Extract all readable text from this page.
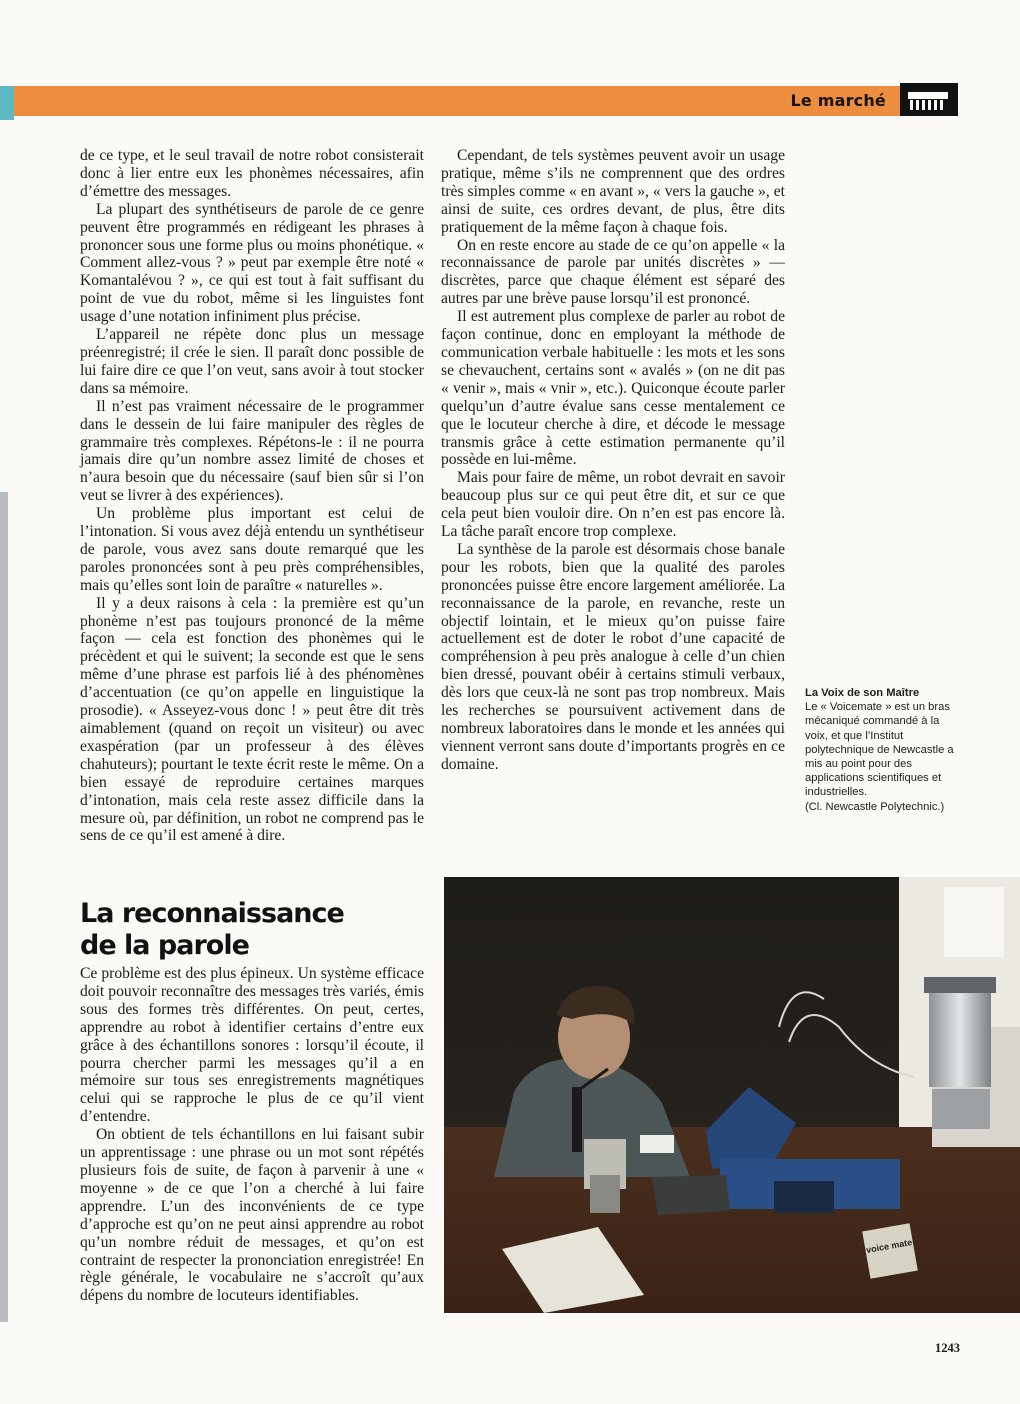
Le marché

de ce type, et le seul travail de notre robot consisterait donc à lier entre eux les phonèmes nécessaires, afin d’émettre des messages.

La plupart des synthétiseurs de parole de ce genre peuvent être programmés en rédigeant les phrases à prononcer sous une forme plus ou moins phonétique. « Comment allez-vous ? » peut par exemple être noté « Komantalévou ? », ce qui est tout à fait suffisant du point de vue du robot, même si les linguistes font usage d’une notation infiniment plus précise.

L’appareil ne répète donc plus un message préenregistré; il crée le sien. Il paraît donc possible de lui faire dire ce que l’on veut, sans avoir à tout stocker dans sa mémoire.

Il n’est pas vraiment nécessaire de le programmer dans le dessein de lui faire manipuler des règles de grammaire très complexes. Répétons-le : il ne pourra jamais dire qu’un nombre assez limité de choses et n’aura besoin que du nécessaire (sauf bien sûr si l’on veut se livrer à des expériences).

Un problème plus important est celui de l’intonation. Si vous avez déjà entendu un synthétiseur de parole, vous avez sans doute remarqué que les paroles prononcées sont à peu près compréhensibles, mais qu’elles sont loin de paraître « naturelles ».

Il y a deux raisons à cela : la première est qu’un phonème n’est pas toujours prononcé de la même façon — cela est fonction des phonèmes qui le précèdent et qui le suivent; la seconde est que le sens même d’une phrase est parfois lié à des phénomènes d’accentuation (ce qu’on appelle en linguistique la prosodie). « Asseyez-vous donc ! » peut être dit très aimablement (quand on reçoit un visiteur) ou avec exaspération (par un professeur à des élèves chahuteurs); pourtant le texte écrit reste le même. On a bien essayé de reproduire certaines marques d’intonation, mais cela reste assez difficile dans la mesure où, par définition, un robot ne comprend pas le sens de ce qu’il est amené à dire.

Cependant, de tels systèmes peuvent avoir un usage pratique, même s’ils ne comprennent que des ordres très simples comme « en avant », « vers la gauche », et ainsi de suite, ces ordres devant, de plus, être dits pratiquement de la même façon à chaque fois.

On en reste encore au stade de ce qu’on appelle « la reconnaissance de parole par unités discrètes » — discrètes, parce que chaque élément est séparé des autres par une brève pause lorsqu’il est prononcé.

Il est autrement plus complexe de parler au robot de façon continue, donc en employant la méthode de communication verbale habituelle : les mots et les sons se chevauchent, certains sont « avalés » (on ne dit pas « venir », mais « vnir », etc.). Quiconque écoute parler quelqu’un d’autre évalue sans cesse mentalement ce que le locuteur cherche à dire, et décode le message transmis grâce à cette estimation permanente qu’il possède en lui-même.

Mais pour faire de même, un robot devrait en savoir beaucoup plus sur ce qui peut être dit, et sur ce que cela peut bien vouloir dire. On n’en est pas encore là. La tâche paraît encore trop complexe.

La synthèse de la parole est désormais chose banale pour les robots, bien que la qualité des paroles prononcées puisse être encore largement améliorée. La reconnaissance de la parole, en revanche, reste un objectif lointain, et le mieux qu’on puisse faire actuellement est de doter le robot d’une capacité de compréhension à peu près analogue à celle d’un chien bien dressé, pouvant obéir à certains stimuli verbaux, dès lors que ceux-là ne sont pas trop nombreux. Mais les recherches se poursuivent activement dans de nombreux laboratoires dans le monde et les années qui viennent verront sans doute d’importants progrès en ce domaine.

La reconnaissance
de la parole

Ce problème est des plus épineux. Un système efficace doit pouvoir reconnaître des messages très variés, émis sous des formes très différentes. On peut, certes, apprendre au robot à identifier certains d’entre eux grâce à des échantillons sonores : lorsqu’il écoute, il pourra chercher parmi les messages qu’il a en mémoire sur tous ses enregistrements magnétiques celui qui se rapproche le plus de ce qu’il vient d’entendre.

On obtient de tels échantillons en lui faisant subir un apprentissage : une phrase ou un mot sont répétés plusieurs fois de suite, de façon à parvenir à une « moyenne » de ce que l’on a cherché à lui faire apprendre. L’un des inconvénients de ce type d’approche est qu’on ne peut ainsi apprendre au robot qu’un nombre réduit de messages, et qu’on est contraint de respecter la prononciation enregistrée! En règle générale, le vocabulaire ne s’accroît qu’aux dépens du nombre de locuteurs identifiables.

La Voix de son Maître
Le « Voicemate » est un bras mécaniqué commandé à la voix, et que l’Institut polytechnique de Newcastle a mis au point pour des applications scientifiques et industrielles.
(Cl. Newcastle Polytechnic.)
voice mate
1243
